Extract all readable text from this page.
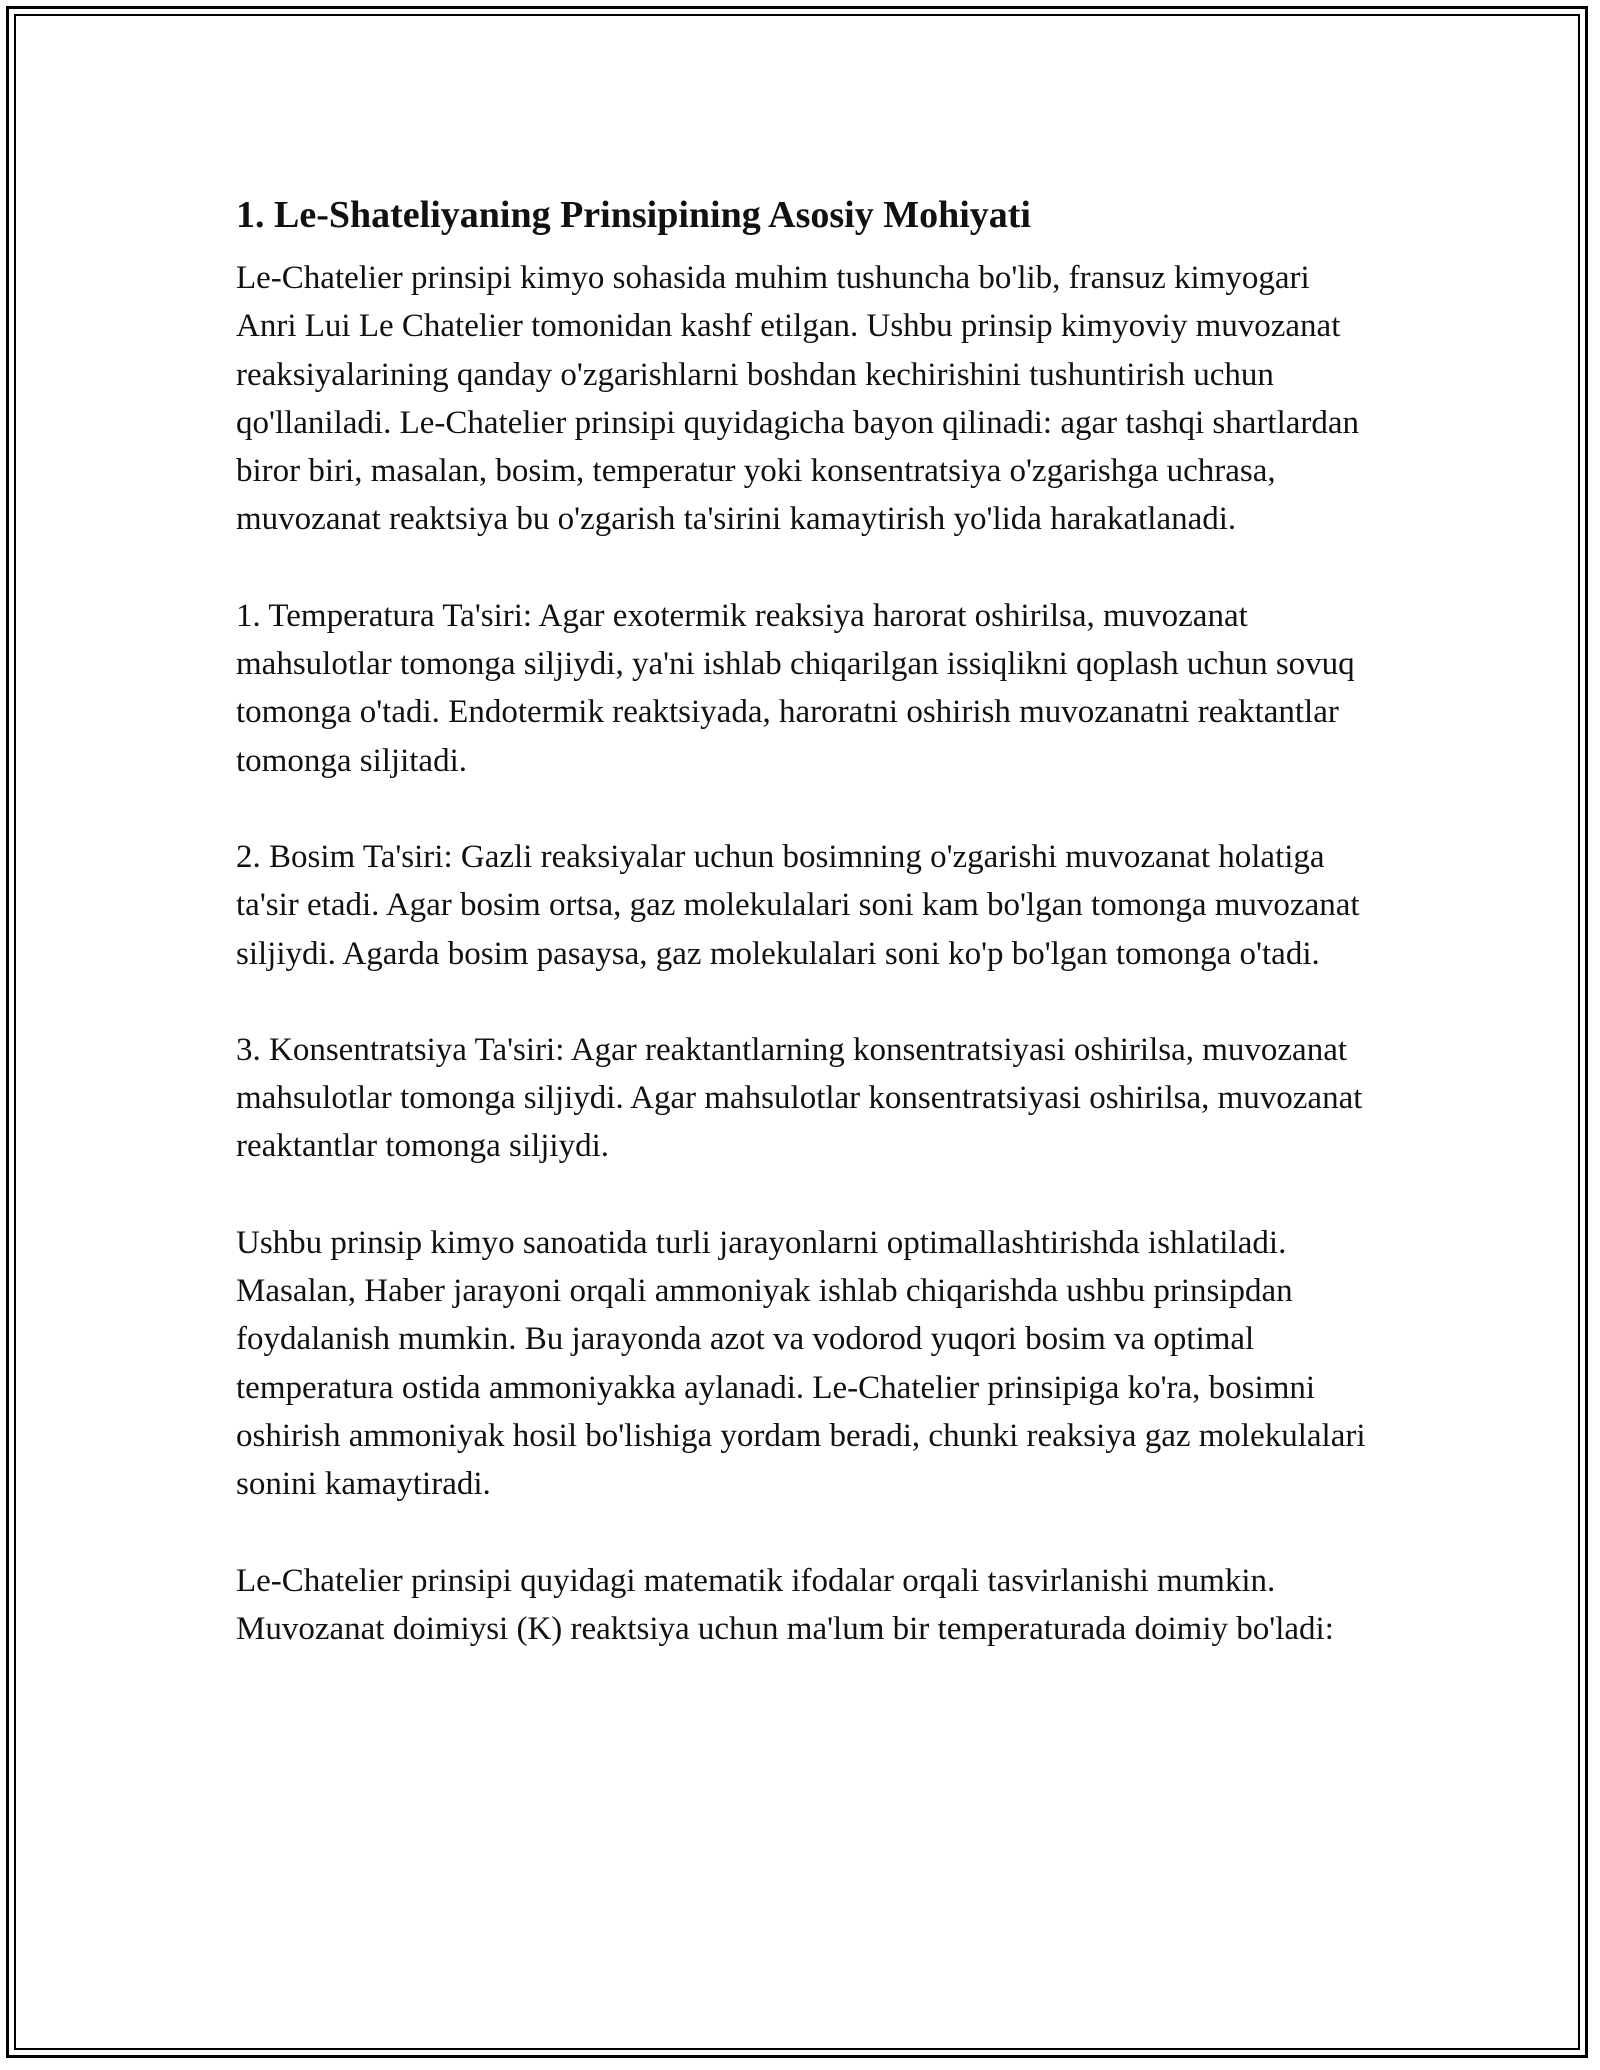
1. Le-Shateliyaning Prinsipining Asosiy Mohiyati

Le-Chatelier prinsipi kimyo sohasida muhim tushuncha bo'lib, fransuz kimyogari Anri Lui Le Chatelier tomonidan kashf etilgan. Ushbu prinsip kimyoviy muvozanat reaksiyalarining qanday o'zgarishlarni boshdan kechirishini tushuntirish uchun qo'llaniladi. Le-Chatelier prinsipi quyidagicha bayon qilinadi: agar tashqi shartlardan biror biri, masalan, bosim, temperatur yoki konsentratsiya o'zgarishga uchrasa, muvozanat reaktsiya bu o'zgarish ta'sirini kamaytirish yo'lida harakatlanadi.

1. Temperatura Ta'siri: Agar exotermik reaksiya harorat oshirilsa, muvozanat mahsulotlar tomonga siljiydi, ya'ni ishlab chiqarilgan issiqlikni qoplash uchun sovuq tomonga o'tadi. Endotermik reaktsiyada, haroratni oshirish muvozanatni reaktantlar tomonga siljitadi.

2. Bosim Ta'siri: Gazli reaksiyalar uchun bosimning o'zgarishi muvozanat holatiga ta'sir etadi. Agar bosim ortsa, gaz molekulalari soni kam bo'lgan tomonga muvozanat siljiydi. Agarda bosim pasaysa, gaz molekulalari soni ko'p bo'lgan tomonga o'tadi.

3. Konsentratsiya Ta'siri: Agar reaktantlarning konsentratsiyasi oshirilsa, muvozanat mahsulotlar tomonga siljiydi. Agar mahsulotlar konsentratsiyasi oshirilsa, muvozanat reaktantlar tomonga siljiydi.

Ushbu prinsip kimyo sanoatida turli jarayonlarni optimallashtirishda ishlatiladi. Masalan, Haber jarayoni orqali ammoniyak ishlab chiqarishda ushbu prinsipdan foydalanish mumkin. Bu jarayonda azot va vodorod yuqori bosim va optimal temperatura ostida ammoniyakka aylanadi. Le-Chatelier prinsipiga ko'ra, bosimni oshirish ammoniyak hosil bo'lishiga yordam beradi, chunki reaksiya gaz molekulalari sonini kamaytiradi.

Le-Chatelier prinsipi quyidagi matematik ifodalar orqali tasvirlanishi mumkin. Muvozanat doimiysi (K) reaktsiya uchun ma'lum bir temperaturada doimiy bo'ladi:
